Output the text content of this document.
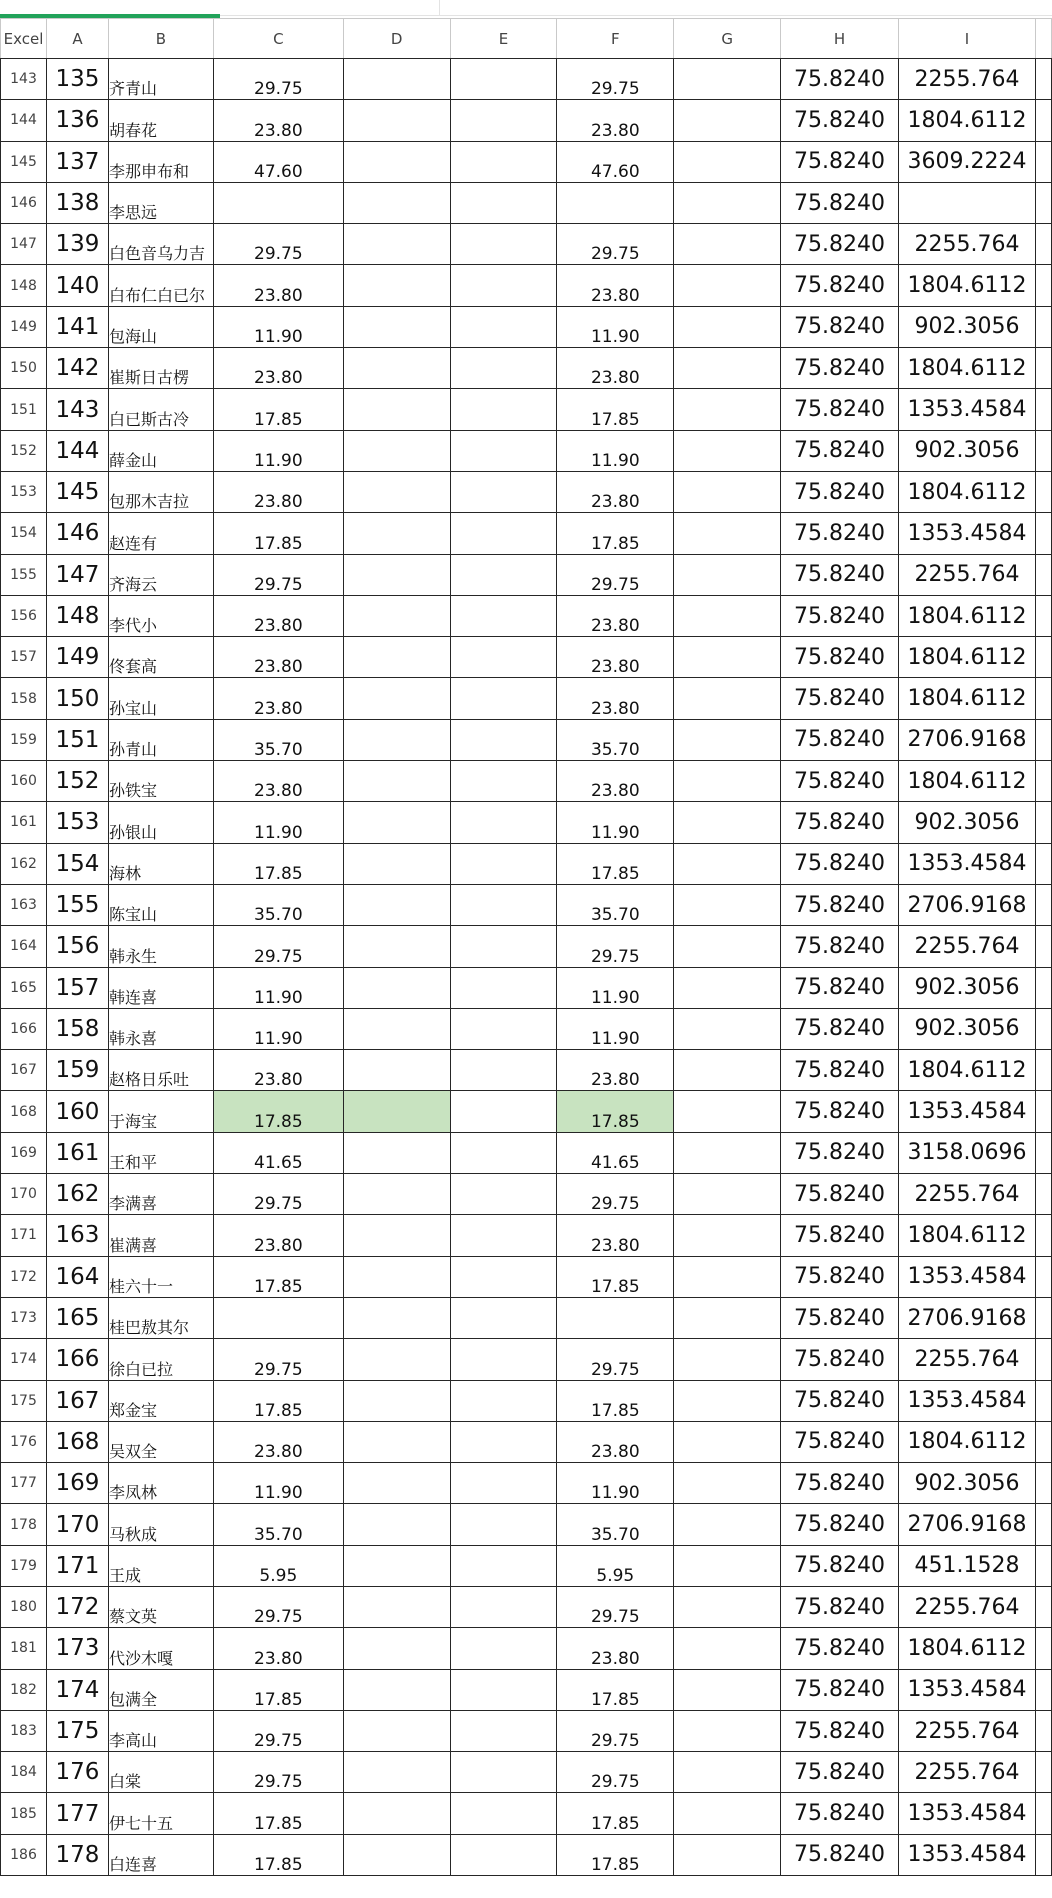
Excel	A	B	C	D	E	F	G	H	I	
143	135	齐青山	29.75			29.75		75.8240	2255.764	
144	136	胡春花	23.80			23.80		75.8240	1804.6112	
145	137	李那申布和	47.60			47.60		75.8240	3609.2224	
146	138	李思远						75.8240		
147	139	白色音乌力吉	29.75			29.75		75.8240	2255.764	
148	140	白布仁白已尔	23.80			23.80		75.8240	1804.6112	
149	141	包海山	11.90			11.90		75.8240	902.3056	
150	142	崔斯日古楞	23.80			23.80		75.8240	1804.6112	
151	143	白已斯古冷	17.85			17.85		75.8240	1353.4584	
152	144	薛金山	11.90			11.90		75.8240	902.3056	
153	145	包那木吉拉	23.80			23.80		75.8240	1804.6112	
154	146	赵连有	17.85			17.85		75.8240	1353.4584	
155	147	齐海云	29.75			29.75		75.8240	2255.764	
156	148	李代小	23.80			23.80		75.8240	1804.6112	
157	149	佟套高	23.80			23.80		75.8240	1804.6112	
158	150	孙宝山	23.80			23.80		75.8240	1804.6112	
159	151	孙青山	35.70			35.70		75.8240	2706.9168	
160	152	孙铁宝	23.80			23.80		75.8240	1804.6112	
161	153	孙银山	11.90			11.90		75.8240	902.3056	
162	154	海林	17.85			17.85		75.8240	1353.4584	
163	155	陈宝山	35.70			35.70		75.8240	2706.9168	
164	156	韩永生	29.75			29.75		75.8240	2255.764	
165	157	韩连喜	11.90			11.90		75.8240	902.3056	
166	158	韩永喜	11.90			11.90		75.8240	902.3056	
167	159	赵格日乐吐	23.80			23.80		75.8240	1804.6112	
168	160	于海宝	17.85			17.85		75.8240	1353.4584	
169	161	王和平	41.65			41.65		75.8240	3158.0696	
170	162	李满喜	29.75			29.75		75.8240	2255.764	
171	163	崔满喜	23.80			23.80		75.8240	1804.6112	
172	164	桂六十一	17.85			17.85		75.8240	1353.4584	
173	165	桂巴敖其尔						75.8240	2706.9168	
174	166	徐白已拉	29.75			29.75		75.8240	2255.764	
175	167	郑金宝	17.85			17.85		75.8240	1353.4584	
176	168	吴双全	23.80			23.80		75.8240	1804.6112	
177	169	李凤林	11.90			11.90		75.8240	902.3056	
178	170	马秋成	35.70			35.70		75.8240	2706.9168	
179	171	王成	5.95			5.95		75.8240	451.1528	
180	172	蔡文英	29.75			29.75		75.8240	2255.764	
181	173	代沙木嘎	23.80			23.80		75.8240	1804.6112	
182	174	包满全	17.85			17.85		75.8240	1353.4584	
183	175	李高山	29.75			29.75		75.8240	2255.764	
184	176	白棠	29.75			29.75		75.8240	2255.764	
185	177	伊七十五	17.85			17.85		75.8240	1353.4584	
186	178	白连喜	17.85			17.85		75.8240	1353.4584	
